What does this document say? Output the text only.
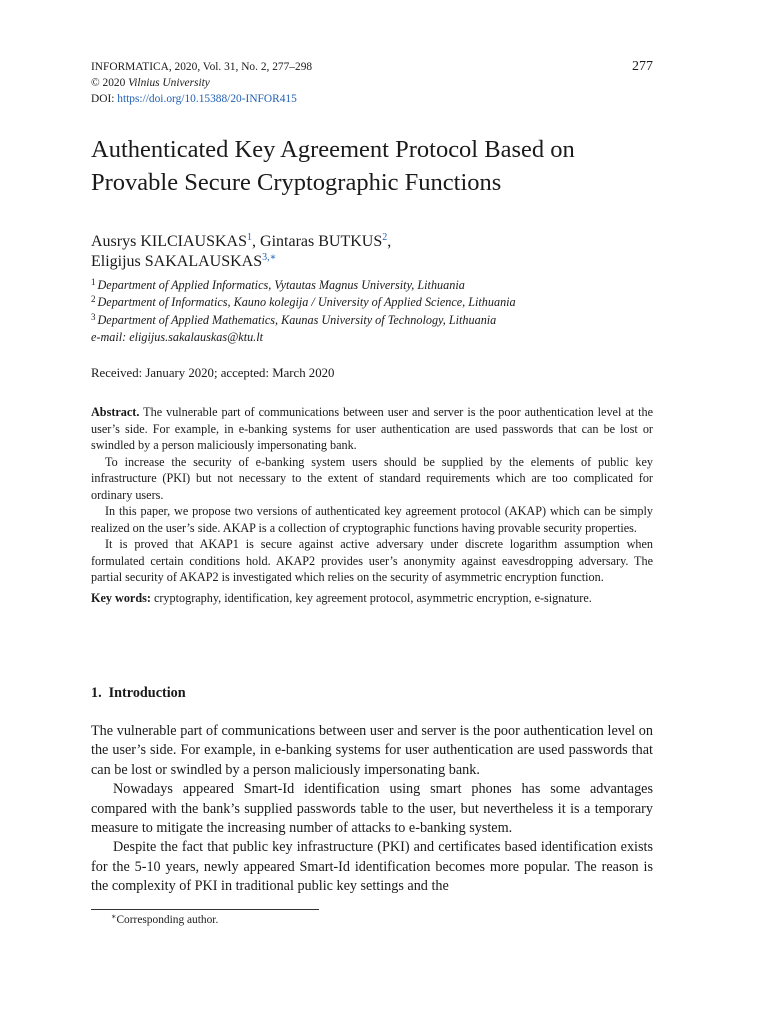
INFORMATICA, 2020, Vol. 31, No. 2, 277–298
© 2020 Vilnius University
DOI: https://doi.org/10.15388/20-INFOR415
277
Authenticated Key Agreement Protocol Based on
Provable Secure Cryptographic Functions
Ausrys KILCIAUSKAS$^1$, Gintaras BUTKUS$^2$,
Eligijus $SAKALAUSKAS^{3,∗}$
$^1$ Department of Applied Informatics, Vytautas Magnus University, Lithuania
$^2$ Department of Informatics, Kauno kolegija / University of Applied Science, Lithuania
$^3$ Department of Applied Mathematics, Kaunas University of Technology, Lithuania
e-mail: eligijus.sakalauskas@ktu.lt
Received: January 2020; accepted: March 2020

Abstract. The vulnerable part of communications between user and server is the poor authentication level at the user’s side. For example, in e-banking systems for user authentication are used passwords that can be lost or swindled by a person maliciously impersonating bank.

To increase the security of e-banking system users should be supplied by the elements of public key infrastructure (PKI) but not necessary to the extent of standard requirements which are too complicated for ordinary users.

In this paper, we propose two versions of authenticated key agreement protocol (AKAP) which can be simply realized on the user’s side. AKAP is a collection of cryptographic functions having provable security properties.

It is proved that AKAP1 is secure against active adversary under discrete logarithm assumption when formulated certain conditions hold. AKAP2 provides user’s anonymity against eavesdropping adversary. The partial security of AKAP2 is investigated which relies on the security of asymmetric encryption function.

Key words: cryptography, identification, key agreement protocol, asymmetric encryption, e-signature.

1. Introduction

The vulnerable part of communications between user and server is the poor authentication level on the user’s side. For example, in e-banking systems for user authentication are used passwords that can be lost or swindled by a person maliciously impersonating bank.

Nowadays appeared Smart-Id identification using smart phones has some advantages compared with the bank’s supplied passwords table to the user, but nevertheless it is a temporary measure to mitigate the increasing number of attacks to e-banking system.

Despite the fact that public key infrastructure (PKI) and certificates based identification exists for the 5-10 years, newly appeared Smart-Id identification becomes more popular. The reason is the complexity of PKI in traditional public key settings and the

∗Corresponding author.
